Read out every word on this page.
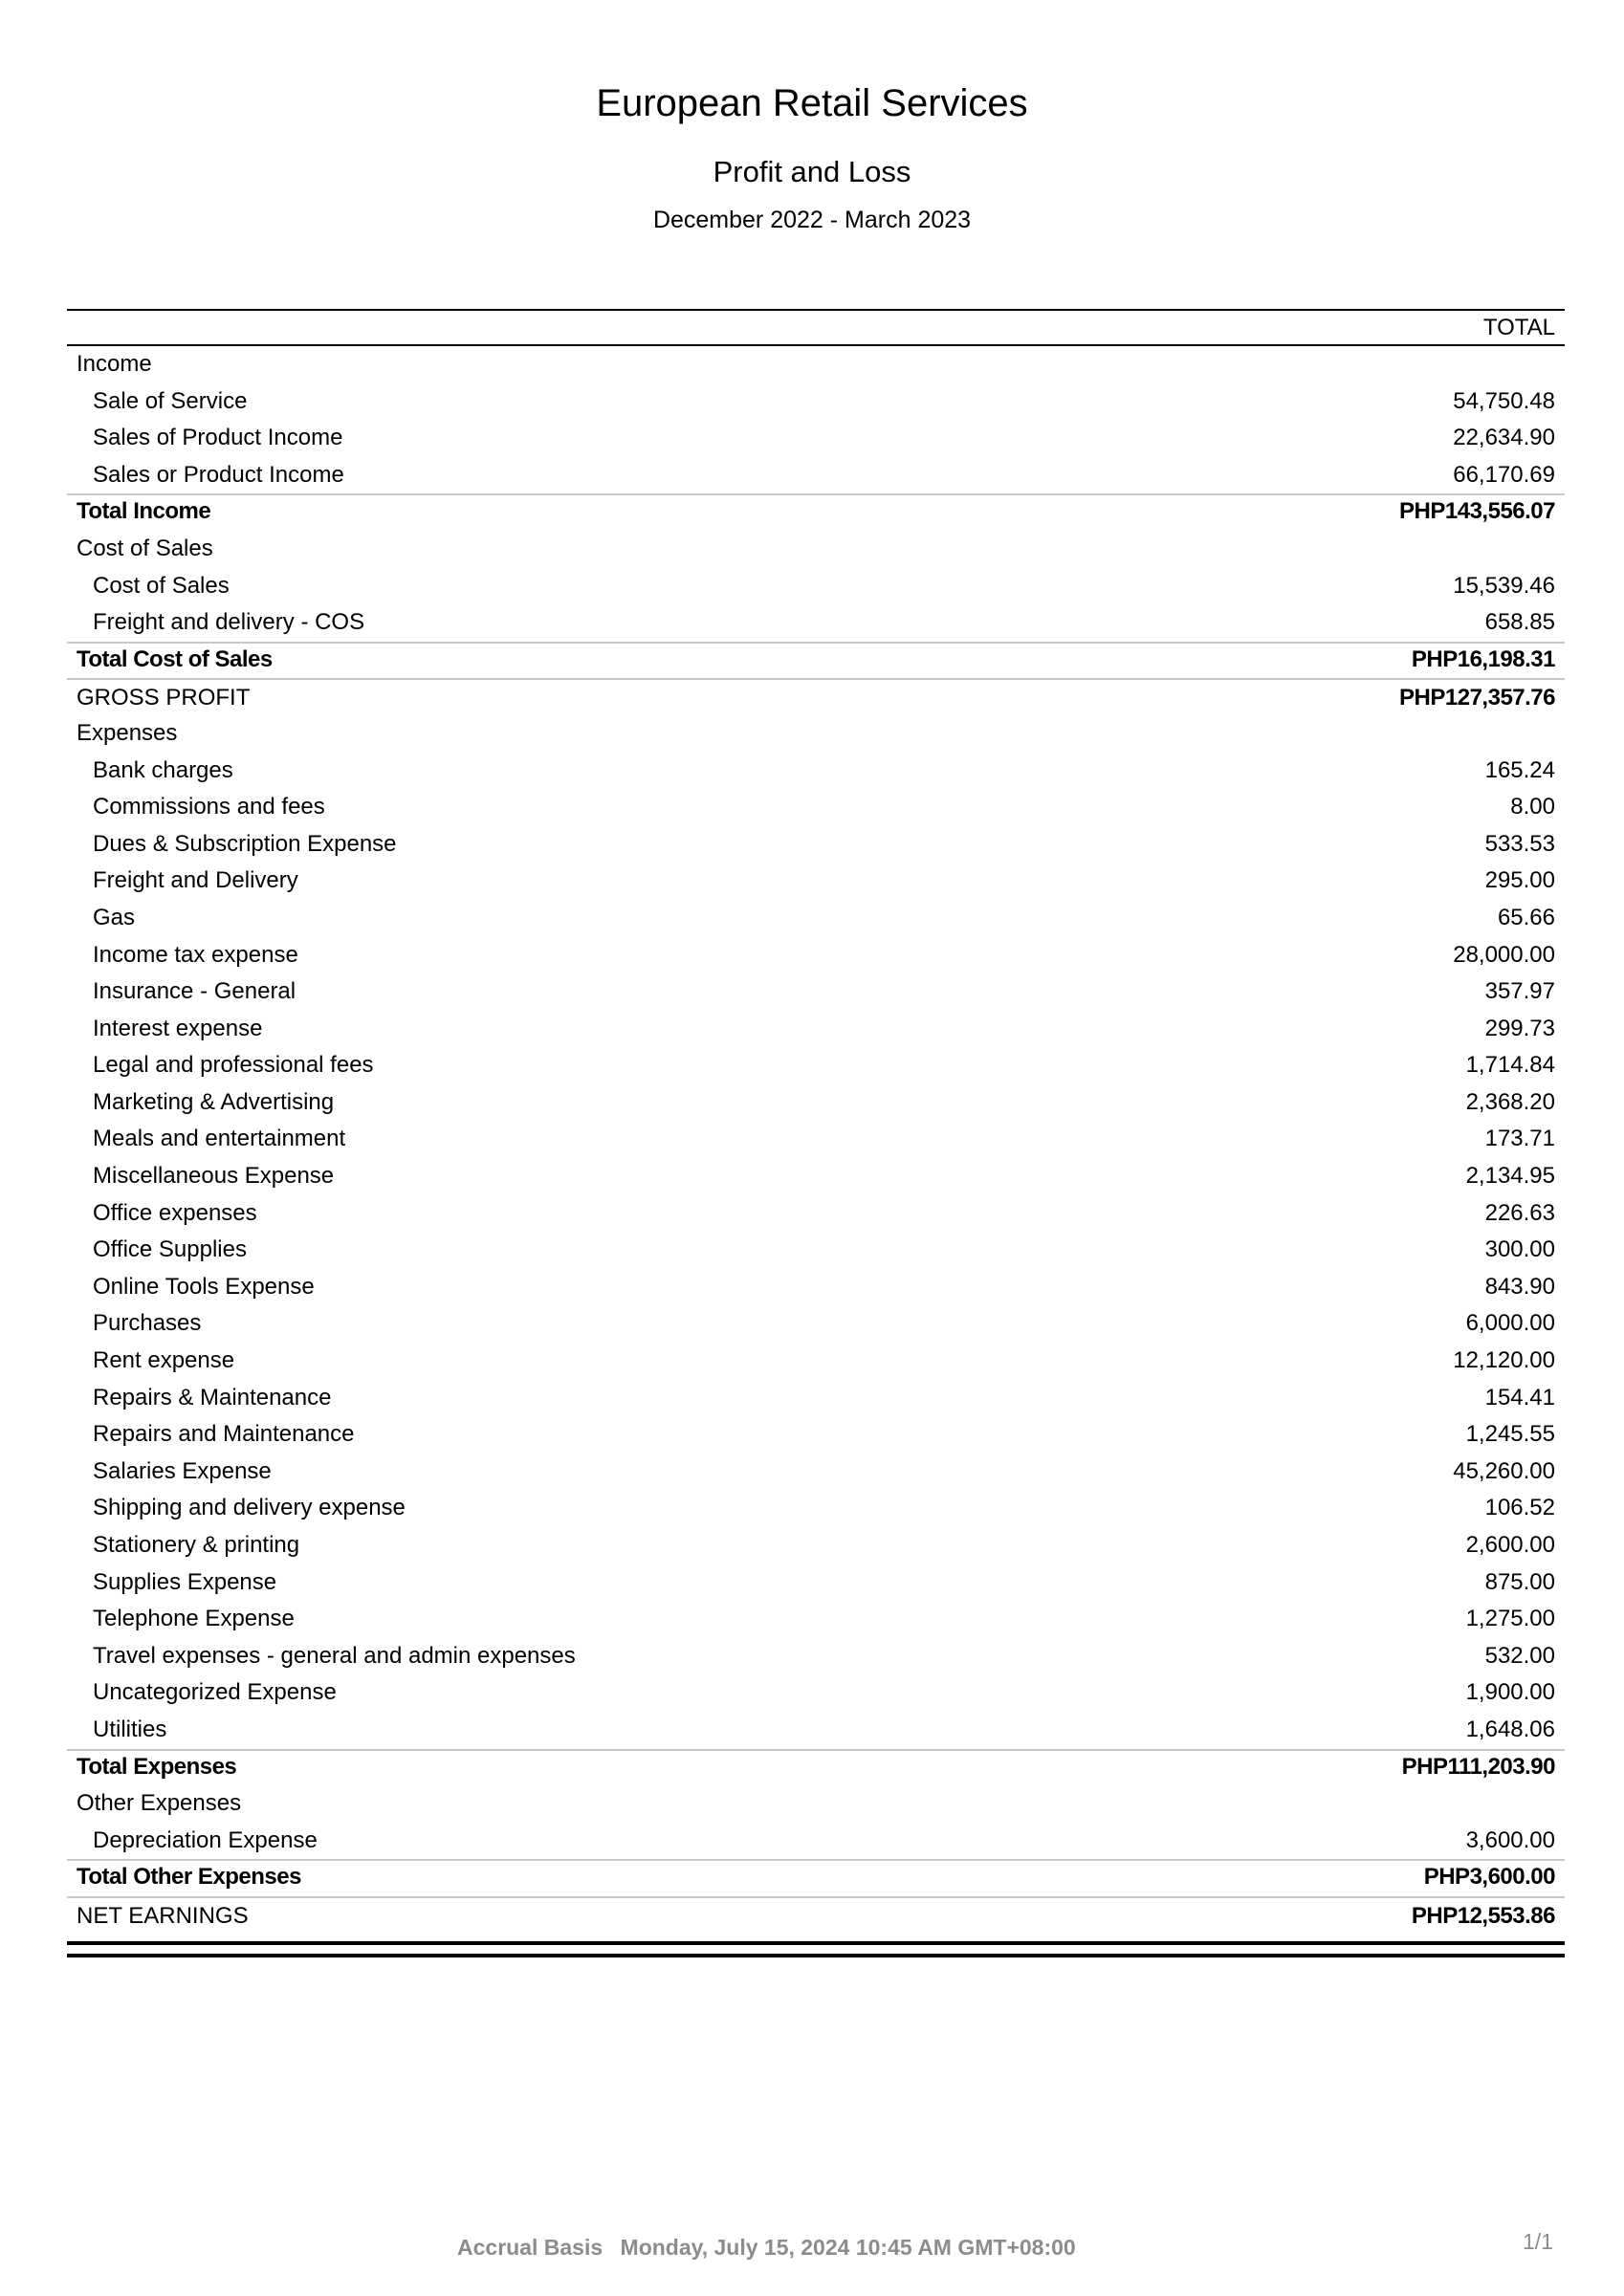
European Retail Services
Profit and Loss
December 2022 - March 2023
TOTAL
Income
Sale of Service	54,750.48
Sales of Product Income	22,634.90
Sales or Product Income	66,170.69
Total Income	PHP143,556.07
Cost of Sales
Cost of Sales	15,539.46
Freight and delivery - COS	658.85
Total Cost of Sales	PHP16,198.31
GROSS PROFIT	PHP127,357.76
Expenses
Bank charges	165.24
Commissions and fees	8.00
Dues & Subscription Expense	533.53
Freight and Delivery	295.00
Gas	65.66
Income tax expense	28,000.00
Insurance - General	357.97
Interest expense	299.73
Legal and professional fees	1,714.84
Marketing & Advertising	2,368.20
Meals and entertainment	173.71
Miscellaneous Expense	2,134.95
Office expenses	226.63
Office Supplies	300.00
Online Tools Expense	843.90
Purchases	6,000.00
Rent expense	12,120.00
Repairs & Maintenance	154.41
Repairs and Maintenance	1,245.55
Salaries Expense	45,260.00
Shipping and delivery expense	106.52
Stationery & printing	2,600.00
Supplies Expense	875.00
Telephone Expense	1,275.00
Travel expenses - general and admin expenses	532.00
Uncategorized Expense	1,900.00
Utilities	1,648.06
Total Expenses	PHP111,203.90
Other Expenses
Depreciation Expense	3,600.00
Total Other Expenses	PHP3,600.00
NET EARNINGS	PHP12,553.86
Accrual Basis Monday, July 15, 2024 10:45 AM GMT+08:00	1/1
